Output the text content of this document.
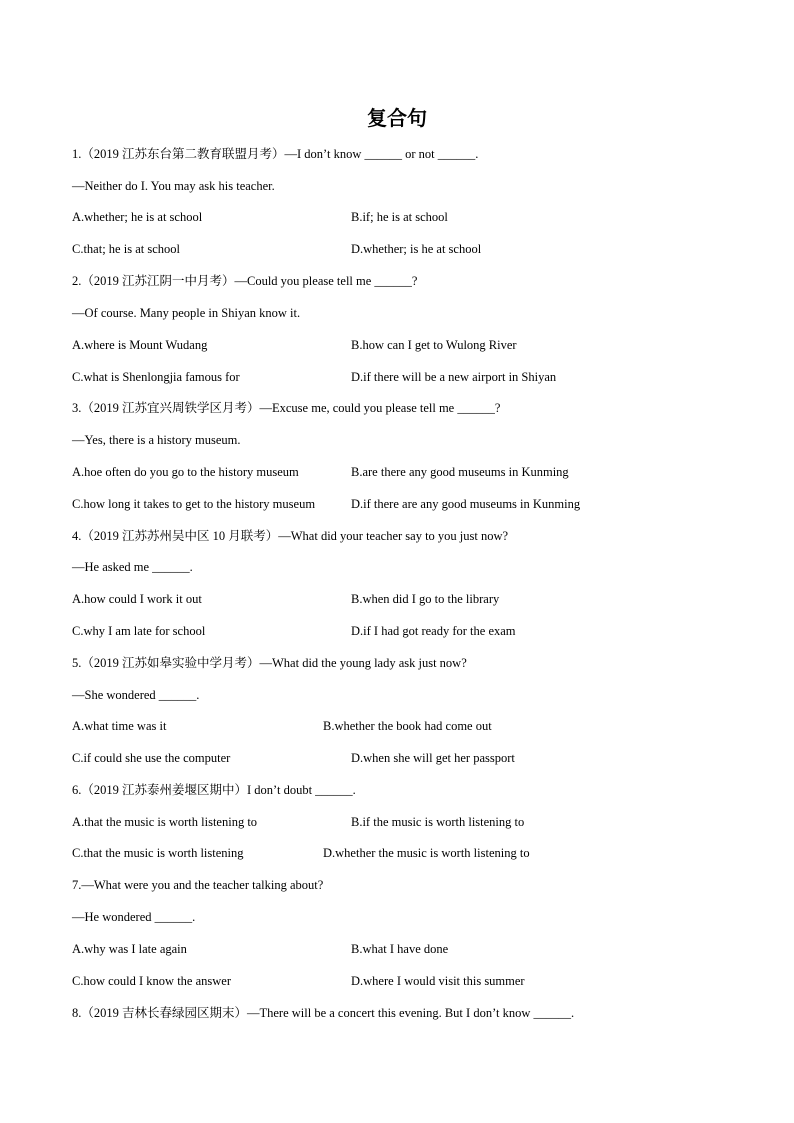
复合句
1.（2019 江苏东台第二教育联盟月考）—I don’t know ______ or not ______.
—Neither do I. You may ask his teacher.
A.whether; he is at school	B.if; he is at school
C.that; he is at school	D.whether; is he at school
2.（2019 江苏江阴一中月考）—Could you please tell me ______?
—Of course. Many people in Shiyan know it.
A.where is Mount Wudang	B.how can I get to Wulong River
C.what is Shenlongjia famous for	D.if there will be a new airport in Shiyan
3.（2019 江苏宜兴周铁学区月考）—Excuse me, could you please tell me ______?
—Yes, there is a history museum.
A.hoe often do you go to the history museum	B.are there any good museums in Kunming
C.how long it takes to get to the history museum	D.if there are any good museums in Kunming
4.（2019 江苏苏州吴中区 10 月联考）—What did your teacher say to you just now?
—He asked me ______.
A.how could I work it out	B.when did I go to the library
C.why I am late for school	D.if I had got ready for the exam
5.（2019 江苏如皋实验中学月考）—What did the young lady ask just now?
—She wondered ______.
A.what time was it	B.whether the book had come out
C.if could she use the computer	D.when she will get her passport
6.（2019 江苏泰州姜堰区期中）I don’t doubt ______.
A.that the music is worth listening to	B.if the music is worth listening to
C.that the music is worth listening	D.whether the music is worth listening to
7.—What were you and the teacher talking about?
—He wondered ______.
A.why was I late again	B.what I have done
C.how could I know the answer	D.where I would visit this summer
8.（2019 吉林长春绿园区期末）—There will be a concert this evening. But I don’t know ______.
